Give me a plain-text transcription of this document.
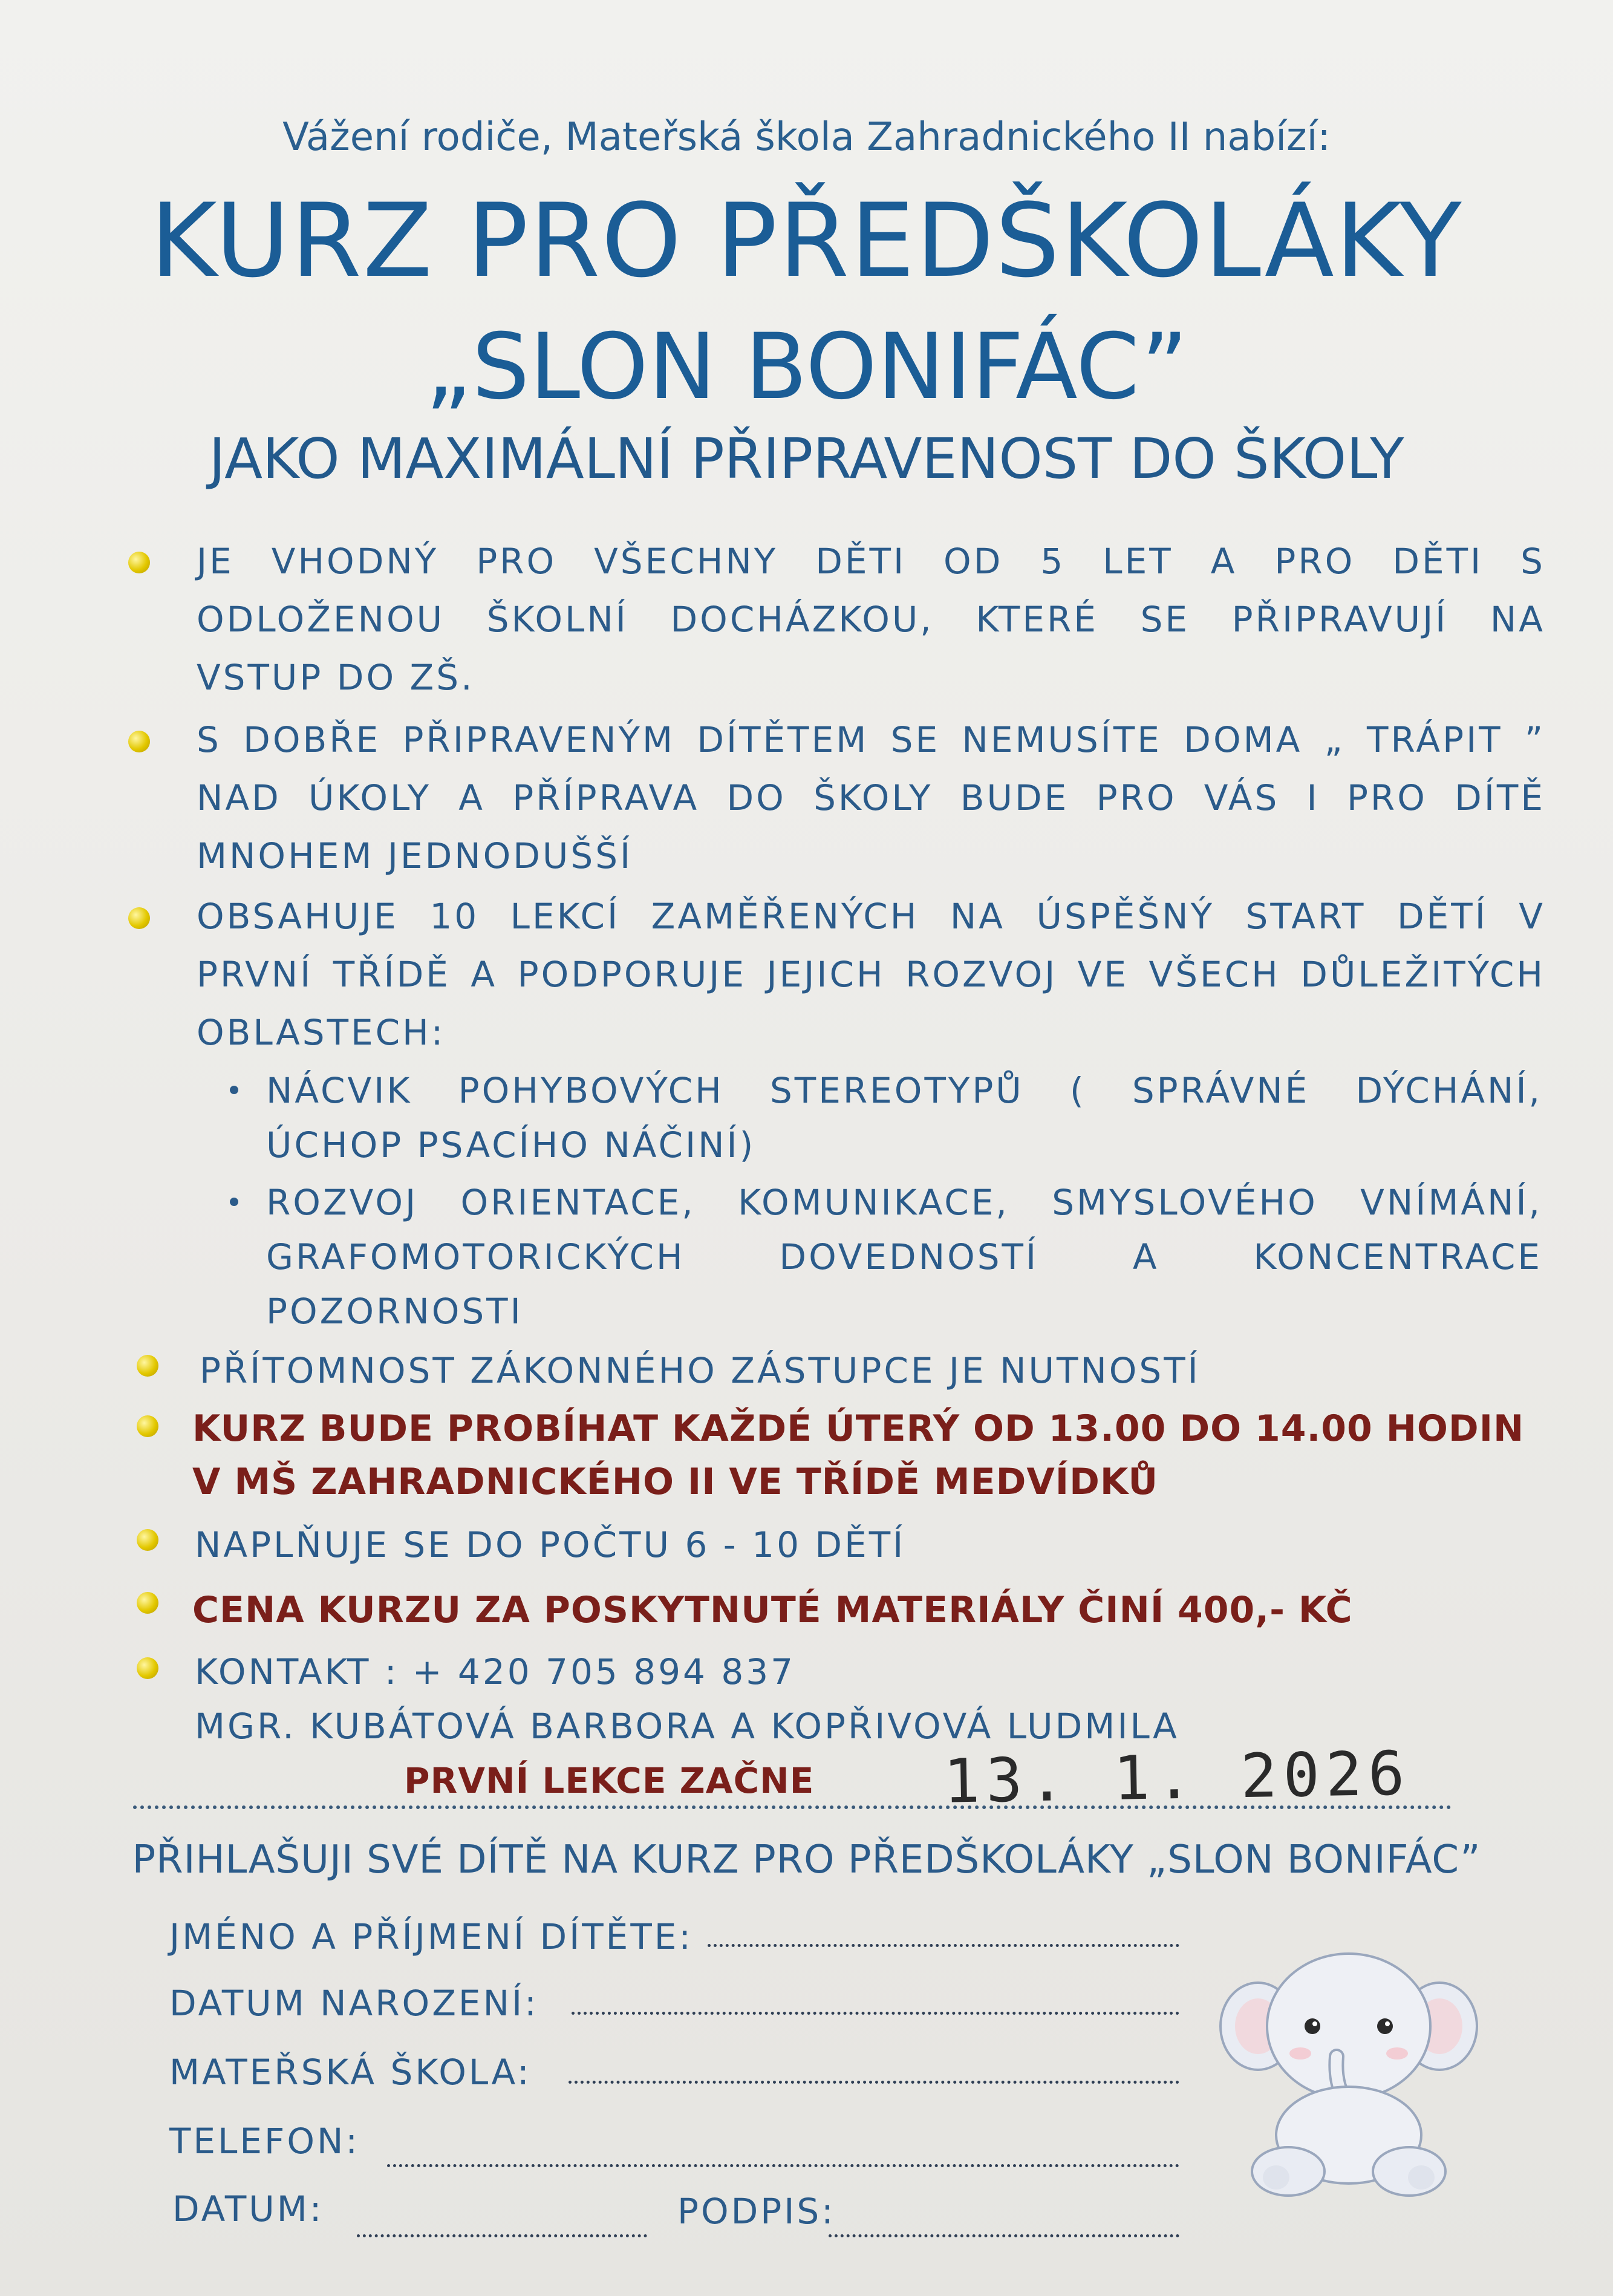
Vážení rodiče, Mateřská škola Zahradnického II nabízí:
KURZ PRO PŘEDŠKOLÁKY
„SLON BONIFÁC”
JAKO MAXIMÁLNÍ PŘIPRAVENOST DO ŠKOLY
JE VHODNÝ PRO VŠECHNY DĚTI OD 5 LET A PRO DĚTI S
ODLOŽENOU ŠKOLNÍ DOCHÁZKOU, KTERÉ SE PŘIPRAVUJÍ NA
VSTUP DO ZŠ.
S DOBŘE PŘIPRAVENÝM DÍTĚTEM SE NEMUSÍTE DOMA „ TRÁPIT ”
NAD ÚKOLY A PŘÍPRAVA DO ŠKOLY BUDE PRO VÁS I PRO DÍTĚ
MNOHEM JEDNODUŠŠÍ
OBSAHUJE 10 LEKCÍ ZAMĚŘENÝCH NA ÚSPĚŠNÝ START DĚTÍ V
PRVNÍ TŘÍDĚ A PODPORUJE JEJICH ROZVOJ VE VŠECH DŮLEŽITÝCH
OBLASTECH:
NÁCVIK POHYBOVÝCH STEREOTYPŮ ( SPRÁVNÉ DÝCHÁNÍ,
ÚCHOP PSACÍHO NÁČINÍ)
ROZVOJ ORIENTACE, KOMUNIKACE, SMYSLOVÉHO VNÍMÁNÍ,
GRAFOMOTORICKÝCH DOVEDNOSTÍ A KONCENTRACE
POZORNOSTI
PŘÍTOMNOST ZÁKONNÉHO ZÁSTUPCE JE NUTNOSTÍ
KURZ BUDE PROBÍHAT KAŽDÉ ÚTERÝ OD 13.00 DO 14.00 HODIN
V MŠ ZAHRADNICKÉHO II VE TŘÍDĚ MEDVÍDKŮ
NAPLŇUJE SE DO POČTU 6 - 10 DĚTÍ
CENA KURZU ZA POSKYTNUTÉ MATERIÁLY ČINÍ 400,- KČ
KONTAKT : + 420 705 894 837
MGR. KUBÁTOVÁ BARBORA A KOPŘIVOVÁ LUDMILA
PRVNÍ LEKCE ZAČNE 13. 1. 2026
PŘIHLAŠUJI SVÉ DÍTĚ NA KURZ PRO PŘEDŠKOLÁKY „SLON BONIFÁC”
JMÉNO A PŘÍJMENÍ DÍTĚTE:
DATUM NAROZENÍ:
MATEŘSKÁ ŠKOLA:
TELEFON:
DATUM:	PODPIS:
